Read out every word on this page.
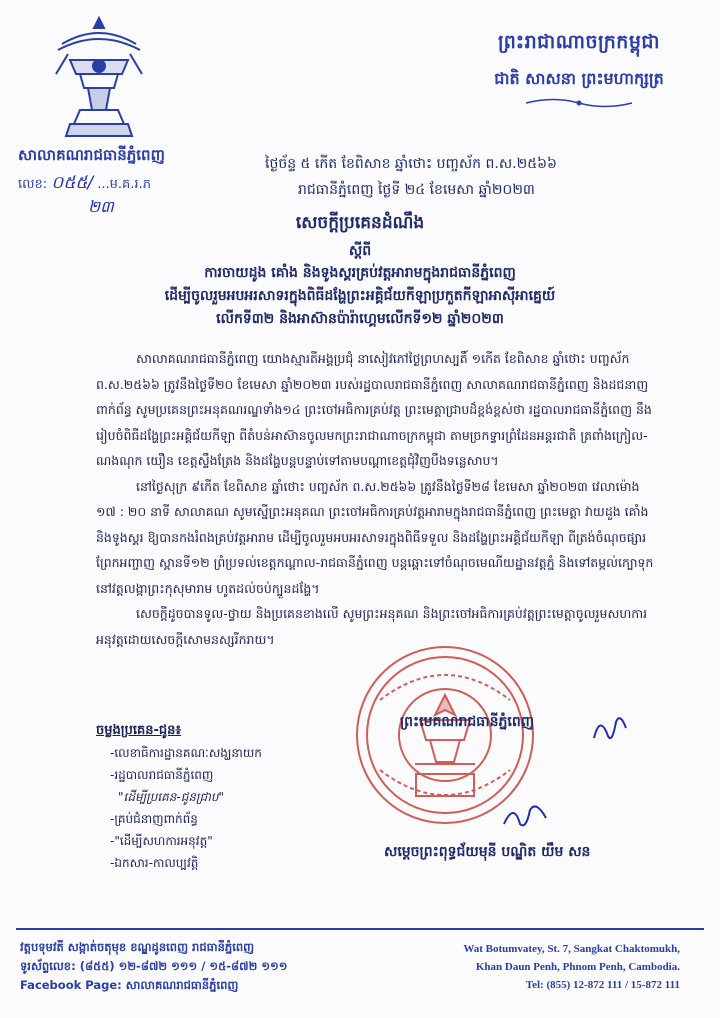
ព្រះរាជាណាចក្រកម្ពុជា
ជាតិ សាសនា ព្រះមហាក្សត្រ
សាលាគណរាជធានីភ្នំពេញ
លេខ: ០៥៥/ ...ម.គ.រ.ភ
២៣
ថ្ងៃច័ន្ទ ៥ កើត ខែពិសាខ ឆ្នាំថោះ បញ្ចស័ក ព.ស.២៥៦៦
រាជធានីភ្នំពេញ ថ្ងៃទី ២៤ ខែមេសា ឆ្នាំ២០២៣
សេចក្តីប្រគេនដំណឹង
ស្តីពី
ការចាយដូង គោំង និងទូងស្គរគ្រប់វត្តអារាមក្នុងរាជធានីភ្នំពេញ
ដើម្បីចូលរួមអបអរសាទរក្នុងពិធីដង្ហែព្រះអគ្គិជ័យកីឡាប្រកួតកីឡាអាស៊ីអាគ្នេយ៍
លើកទី៣២ និងអាស៊ានប៉ារ៉ាហ្គេមលើកទី១២ ឆ្នាំ២០២៣

សាលាគណរាជធានីភ្នំពេញ យោងស្មារតីអង្គប្រជុំ នាសៀវភៅថ្ងៃព្រហស្បតិ៍ ១កើត ខែពិសាខ ឆ្នាំថោះ បញ្ចស័ក ព.ស.២៥៦៦ ត្រូវនឹងថ្ងៃទី២០ ខែមេសា ឆ្នាំ២០២៣ របស់រដ្ឋបាលរាជធានីភ្នំពេញ សាលាគណរាជធានីភ្នំពេញ និងដជនាញពាក់ព័ន្ធ សូមប្រគេនព្រះអនុគណរណ្ឌទាំង១៤ ព្រះចៅអធិការគ្រប់វត្ត ព្រះមេត្តាជ្រាបដ៏ខ្ពង់ខ្ពស់ថា រដ្ឋបាលរាជធានីភ្នំពេញ នឹងរៀបចំពិធីដង្ហែព្រះអគ្គិជ័យកីឡា ពីតំបន់អាស៊ានចូលមកព្រះរាជាណាចក្រកម្ពុជា តាមច្រកទ្វារព្រំដែនអន្តរជាតិ ត្រពាំងក្រៀល-ណងណុក យឿន ខេត្តស្ទឹងត្រែង និងដង្ហែបន្តបន្ទាប់ទៅតាមបណ្តាខេត្តជុំវិញបឹងទន្លេសាប។

នៅថ្ងៃសុក្រ ៩កើត ខែពិសាខ ឆ្នាំថោះ បញ្ចស័ក ព.ស.២៥៦៦ ត្រូវនឹងថ្ងៃទី២៨ ខែមេសា ឆ្នាំ២០២៣ វេលាម៉ោង ១៧ : ២០ នាទី សាលាគណ សូមស្នើព្រះអនុគណ ព្រះចៅអធិការគ្រប់វត្តអារាមក្នុងរាជធានីភ្នំពេញ ព្រះមេត្តា វាយដួង គោំង និងទូងស្គរ ឱ្យបានកងរំពងគ្រប់វត្តអារាម ដើម្បីចូលរួមអបអរសាទរក្នុងពិធីទទួល និងដង្ហែព្រះអគ្គិជ័យកីឡា ពីត្រង់ចំណុចផ្សារព្រែកអញ្ចាញ ស្ពានទី១២ ព្រំប្រទល់ខេត្តកណ្តាល-រាជធានីភ្នំពេញ បន្តឆ្ពោះទៅចំណុចមេណីយដ្ឋានវត្តភ្នំ និងទៅតម្កល់ក្បោទុកនៅវត្តលង្កាព្រះកុសុមារាម ហូតដល់ចប់ក្បួនដង្ហែ។

សេចក្តីដូចបានទូល-ថ្វាយ និងប្រគេនខាងលើ សូមព្រះអនុគណ និងព្រះចៅអធិការគ្រប់វត្តព្រះមេត្តាចូលរួមសហការអនុវត្តដោយសេចក្តីសោមនស្សរីករាយ។

ព្រះមេគណរាជធានីភ្នំពេញ
សម្តេចព្រះពុទ្ធជ័យមុនី បណ្ឌិត យឹម សន
ចម្លងប្រគេន-ជូន៖
-លេខាធិការដ្ឋានគណៈសង្ឃនាយក
-រដ្ឋបាលរាជធានីភ្នំពេញ
"ដើម្បីប្រគេន-ជូនជ្រាប"
-គ្រប់ជំនាញពាក់ព័ន្ធ
-"ដើម្បីសហការអនុវត្ត"
-ឯកសារ-កាលប្បវត្តិ
វត្តបទុមវតី សង្កាត់ចតុមុខ ខណ្ឌដូនពេញ រាជធានីភ្នំពេញ
ទូរស័ព្ទលេខ: (៨៥៥) ១២-៨៧២ ១១១ / ១៥-៨៧២ ១១១
Facebook Page: សាលាគណរាជធានីភ្នំពេញ
Wat Botumvatey, St. 7, Sangkat Chaktomukh,
Khan Daun Penh, Phnom Penh, Cambodia.
Tel: (855) 12-872 111 / 15-872 111
